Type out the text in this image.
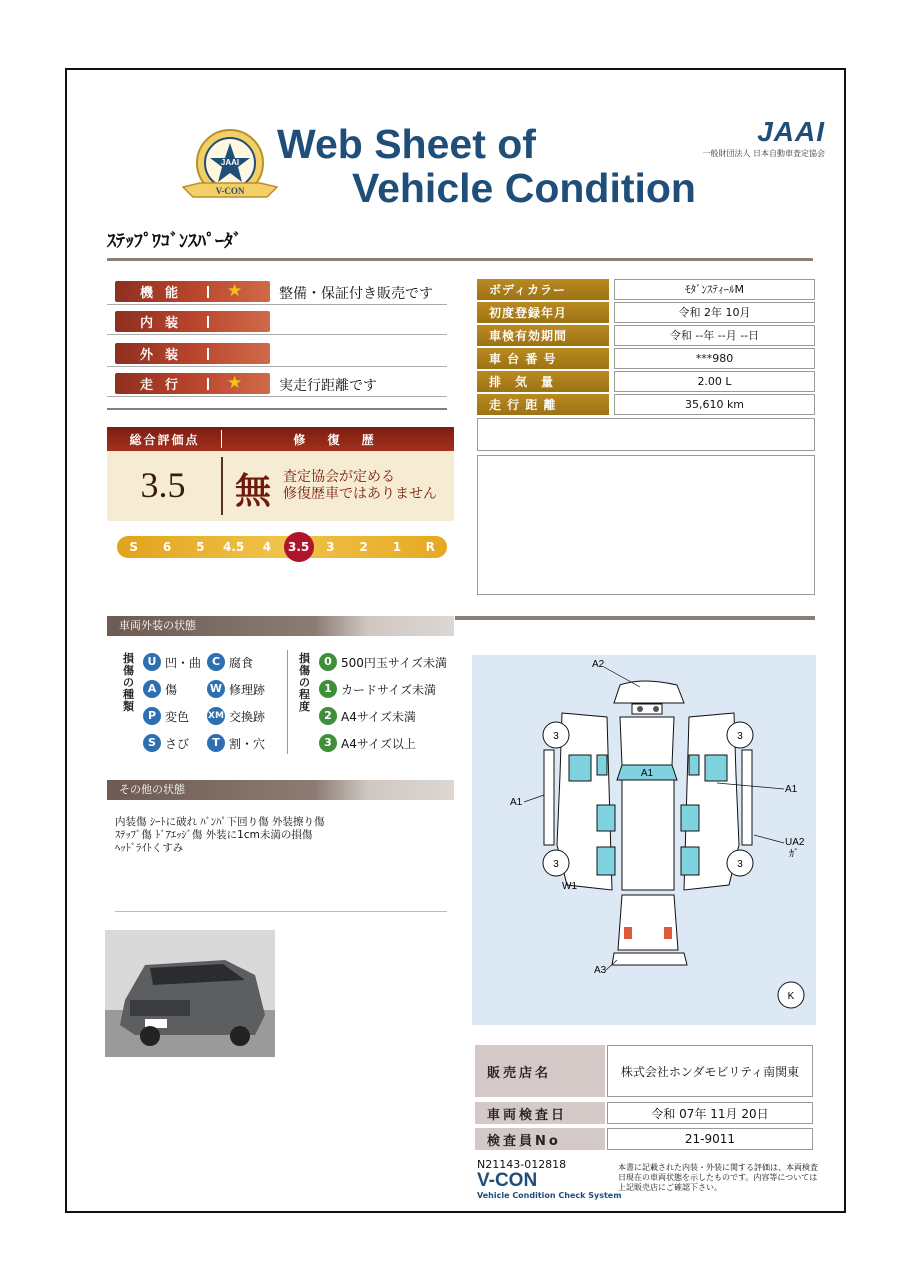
JAAI
V-CON
Web Sheet of
Vehicle Condition
JAAI
一般財団法人 日本自動車査定協会
ｽﾃｯﾌﾟﾜｺﾞﾝｽﾊﾟｰﾀﾞ
機能	★	整備・保証付き販売です
内装
外装
走行	★	実走行距離です
ボディカラー	ﾓﾀﾞﾝｽﾃｨｰﾙM
初度登録年月	令和 2年 10月
車検有効期間	令和 --年 --月 --日
車 台 番 号	***980
排　気　量	2.00 L
走 行 距 離	35,610 km
総合評価点	修 復 歴
3.5	無 査定協会が定める
修復歴車ではありません
S	6	5	4.5	4	3.5	3	2	1	R
車両外装の状態
損傷の種類
U 凹・曲 C 腐食
A 傷	W 修理跡
P 変色 XM 交換跡
S さび	T 割・穴
損傷の程度
0 500円玉サイズ未満
1 カードサイズ未満
2 A4サイズ未満
3 A4サイズ以上
その他の状態
内装傷 ｼｰﾄに破れ ﾊﾞﾝﾊﾟ下回り傷 外装擦り傷
ｽﾃｯﾌﾟ傷 ﾄﾞｱｴｯｼﾞ傷 外装に1cm未満の損傷
ﾍｯﾄﾞﾗｲﾄくすみ
A1
3	3
3	3
A2
A1
A1
UA2
ｶﾞ
W1
A3
K
販売店名	株式会社ホンダモビリティ南関東
車両検査日	令和 07年 11月 20日
検査員No	21-9011
N21143-012818
V-CON
Vehicle Condition Check System
本書に記載された内装・外装に関する評価は、本両検査日現在の車両状態を示したものです。内容等については上記販売店にご確認下さい。
